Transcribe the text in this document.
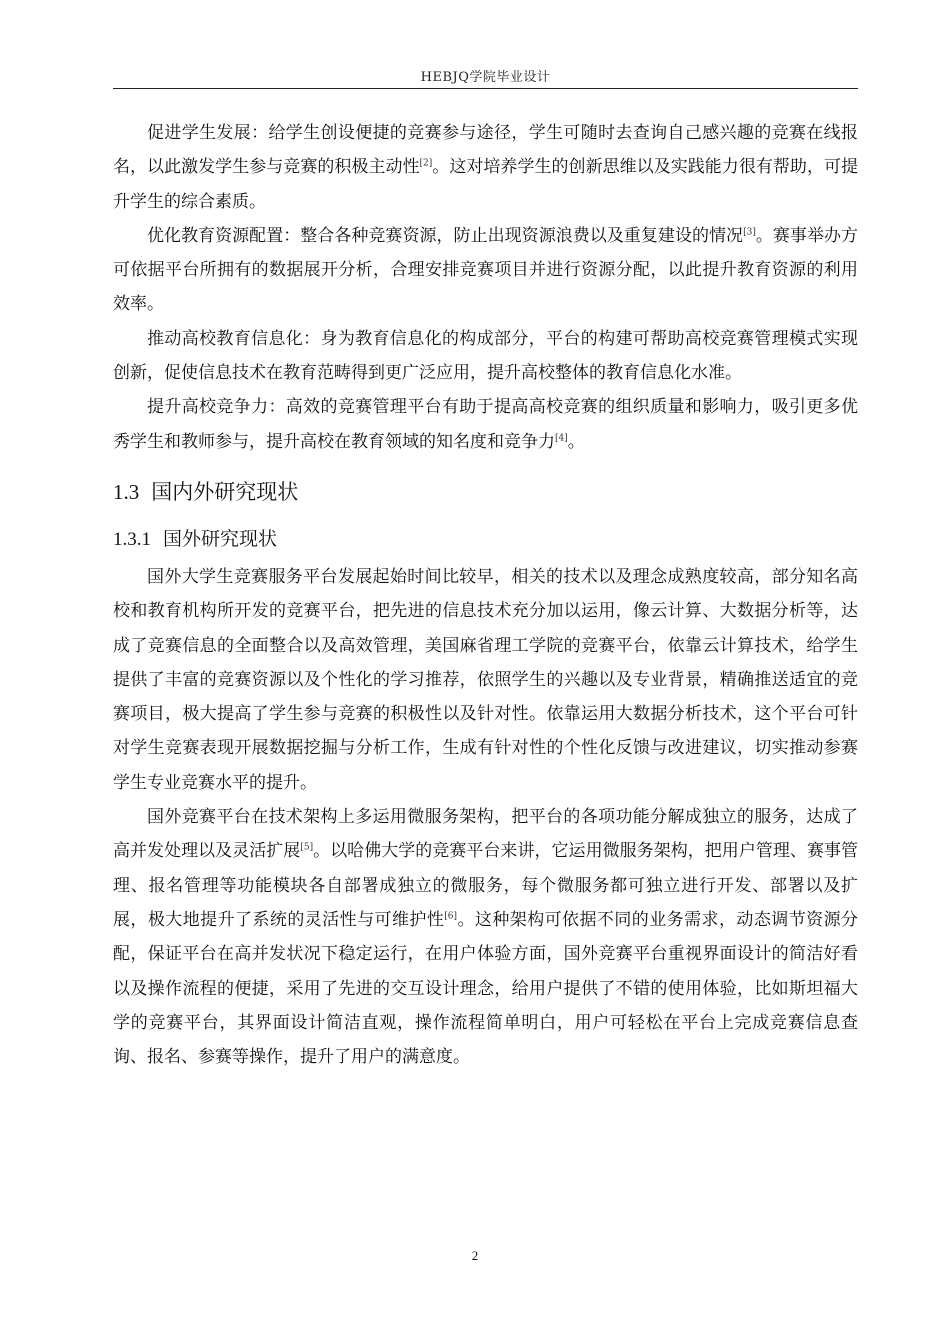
HEBJQ学院毕业设计

促进学生发展：给学生创设便捷的竞赛参与途径，学生可随时去查询自己感兴趣的竞赛在线报名，以此激发学生参与竞赛的积极主动性[2]。这对培养学生的创新思维以及实践能力很有帮助，可提升学生的综合素质。

优化教育资源配置：整合各种竞赛资源，防止出现资源浪费以及重复建设的情况[3]。赛事举办方可依据平台所拥有的数据展开分析，合理安排竞赛项目并进行资源分配，以此提升教育资源的利用效率。

推动高校教育信息化：身为教育信息化的构成部分，平台的构建可帮助高校竞赛管理模式实现创新，促使信息技术在教育范畴得到更广泛应用，提升高校整体的教育信息化水准。

提升高校竞争力：高效的竞赛管理平台有助于提高高校竞赛的组织质量和影响力，吸引更多优秀学生和教师参与，提升高校在教育领域的知名度和竞争力[4]。

1.3 国内外研究现状
1.3.1 国外研究现状

国外大学生竞赛服务平台发展起始时间比较早，相关的技术以及理念成熟度较高，部分知名高校和教育机构所开发的竞赛平台，把先进的信息技术充分加以运用，像云计算、大数据分析等，达成了竞赛信息的全面整合以及高效管理，美国麻省理工学院的竞赛平台，依靠云计算技术，给学生提供了丰富的竞赛资源以及个性化的学习推荐，依照学生的兴趣以及专业背景，精确推送适宜的竞赛项目，极大提高了学生参与竞赛的积极性以及针对性。依靠运用大数据分析技术，这个平台可针对学生竞赛表现开展数据挖掘与分析工作，生成有针对性的个性化反馈与改进建议，切实推动参赛学生专业竞赛水平的提升。

国外竞赛平台在技术架构上多运用微服务架构，把平台的各项功能分解成独立的服务，达成了高并发处理以及灵活扩展[5]。以哈佛大学的竞赛平台来讲，它运用微服务架构，把用户管理、赛事管理、报名管理等功能模块各自部署成独立的微服务，每个微服务都可独立进行开发、部署以及扩展，极大地提升了系统的灵活性与可维护性[6]。这种架构可依据不同的业务需求，动态调节资源分配，保证平台在高并发状况下稳定运行，在用户体验方面，国外竞赛平台重视界面设计的简洁好看以及操作流程的便捷，采用了先进的交互设计理念，给用户提供了不错的使用体验，比如斯坦福大学的竞赛平台，其界面设计简洁直观，操作流程简单明白，用户可轻松在平台上完成竞赛信息查询、报名、参赛等操作，提升了用户的满意度。

2
